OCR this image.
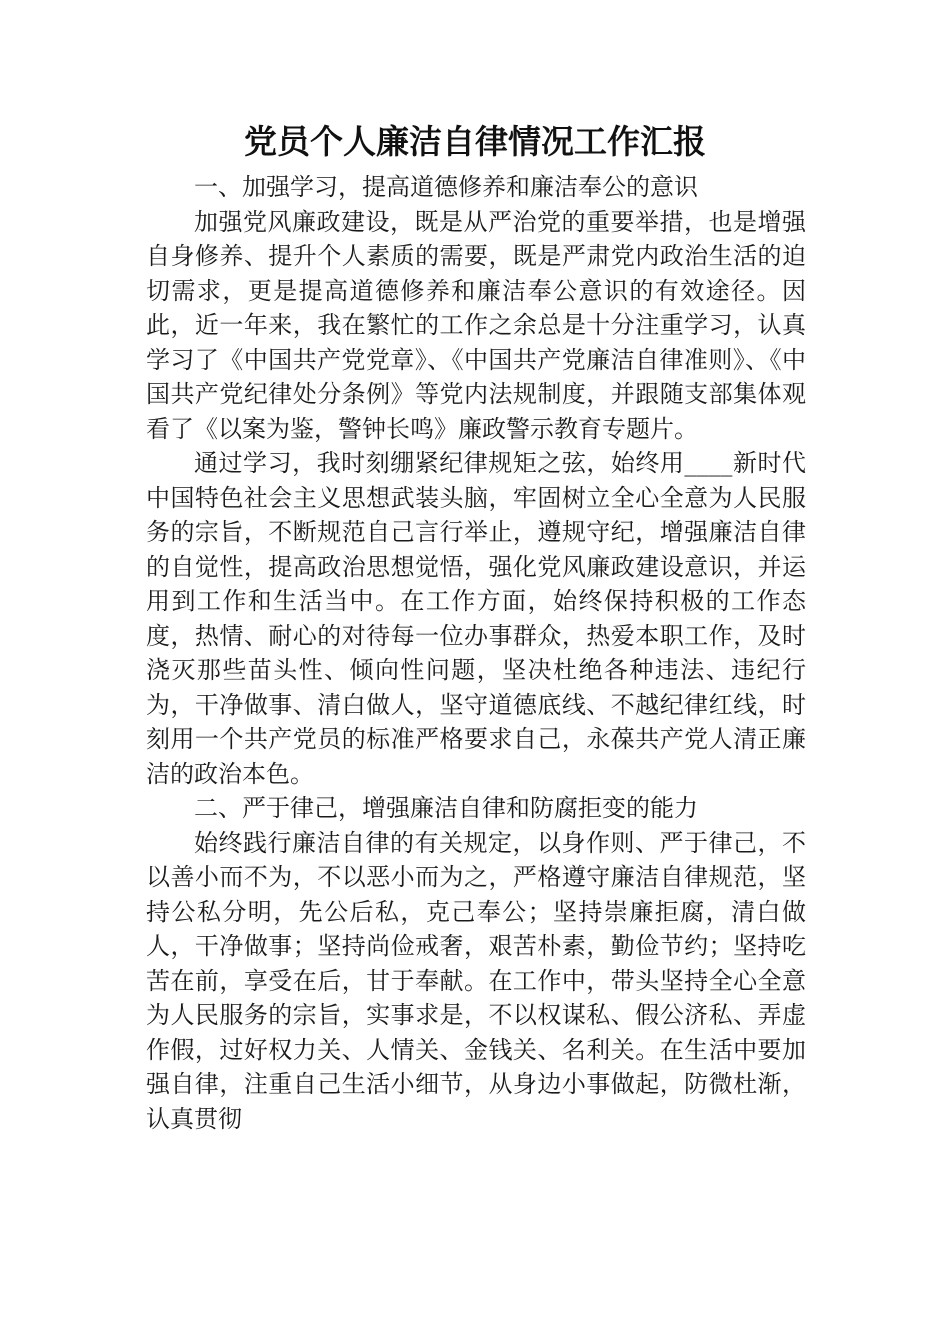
党员个人廉洁自律情况工作汇报

一、加强学习，提高道德修养和廉洁奉公的意识

加强党风廉政建设，既是从严治党的重要举措，也是增强自身修养、提升个人素质的需要，既是严肃党内政治生活的迫切需求，更是提高道德修养和廉洁奉公意识的有效途径。因此，近一年来，我在繁忙的工作之余总是十分注重学习，认真学习了《中国共产党党章》、《中国共产党廉洁自律准则》、《中国共产党纪律处分条例》等党内法规制度，并跟随支部集体观看了《以案为鉴，警钟长鸣》廉政警示教育专题片。

通过学习，我时刻绷紧纪律规矩之弦，始终用____新时代中国特色社会主义思想武装头脑，牢固树立全心全意为人民服务的宗旨，不断规范自己言行举止，遵规守纪，增强廉洁自律的自觉性，提高政治思想觉悟，强化党风廉政建设意识，并运用到工作和生活当中。在工作方面，始终保持积极的工作态度，热情、耐心的对待每一位办事群众，热爱本职工作，及时浇灭那些苗头性、倾向性问题，坚决杜绝各种违法、违纪行为，干净做事、清白做人，坚守道德底线、不越纪律红线，时刻用一个共产党员的标准严格要求自己，永葆共产党人清正廉洁的政治本色。

二、严于律己，增强廉洁自律和防腐拒变的能力

始终践行廉洁自律的有关规定，以身作则、严于律己，不以善小而不为，不以恶小而为之，严格遵守廉洁自律规范，坚持公私分明，先公后私，克己奉公；坚持崇廉拒腐，清白做人，干净做事；坚持尚俭戒奢，艰苦朴素，勤俭节约；坚持吃苦在前，享受在后，甘于奉献。在工作中，带头坚持全心全意为人民服务的宗旨，实事求是，不以权谋私、假公济私、弄虚作假，过好权力关、人情关、金钱关、名利关。在生活中要加强自律，注重自己生活小细节，从身边小事做起，防微杜渐，认真贯彻
